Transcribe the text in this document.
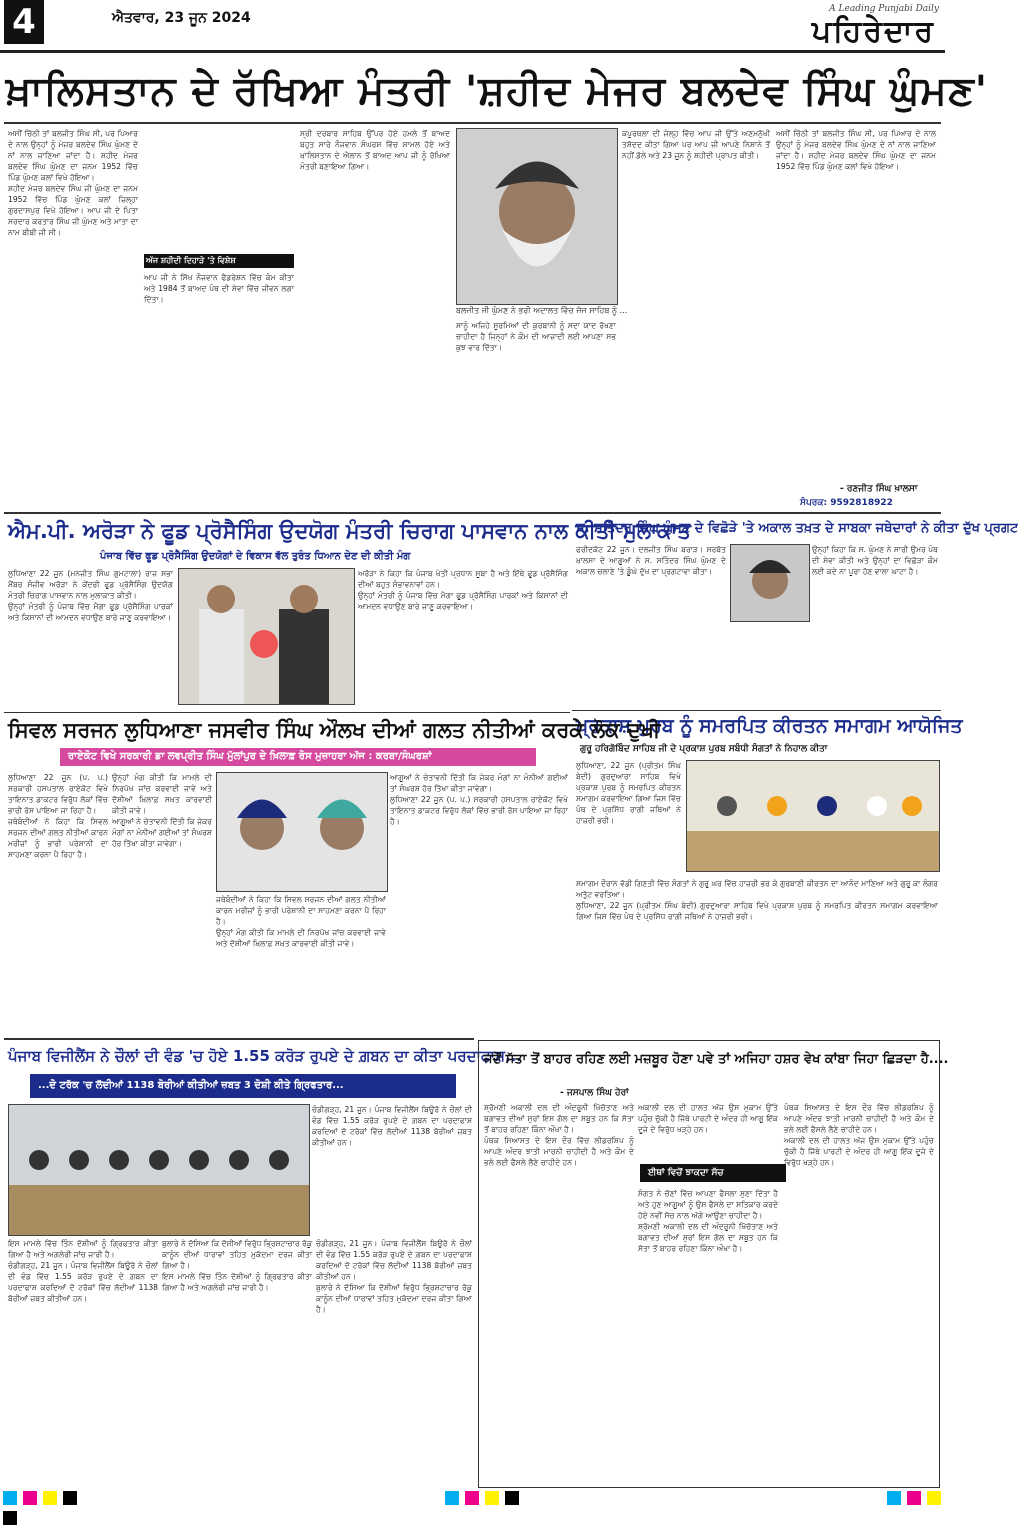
4	ਐਤਵਾਰ, 23 ਜੂਨ 2024
A Leading Punjabi Daily
ਪਹਿਰੇਦਾਰ
ਖ਼ਾਲਿਸਤਾਨ ਦੇ ਰੱਖਿਆ ਮੰਤਰੀ 'ਸ਼ਹੀਦ ਮੇਜਰ ਬਲਦੇਵ ਸਿੰਘ ਘੁੰਮਣ'

ਅਸੀਂ ਚਿੱਠੀ ਤਾਂ ਬਲਜੀਤ ਸਿੰਘ ਸੀ, ਪਰ ਪਿਆਰ ਦੇ ਨਾਲ ਉਨ੍ਹਾਂ ਨੂੰ ਮੇਜਰ ਬਲਦੇਵ ਸਿੰਘ ਘੁੰਮਣ ਦੇ ਨਾਂ ਨਾਲ ਜਾਣਿਆ ਜਾਂਦਾ ਹੈ। ਸ਼ਹੀਦ ਮੇਜਰ ਬਲਦੇਵ ਸਿੰਘ ਘੁੰਮਣ ਦਾ ਜਨਮ 1952 ਵਿੱਚ ਪਿੰਡ ਘੁੰਮਣ ਕਲਾਂ ਵਿਖੇ ਹੋਇਆ।

ਸ਼ਹੀਦ ਮੇਜਰ ਬਲਦੇਵ ਸਿੰਘ ਜੀ ਘੁੰਮਣ ਦਾ ਜਨਮ 1952 ਵਿੱਚ ਪਿੰਡ ਘੁੰਮਣ ਕਲਾਂ ਜ਼ਿਲ੍ਹਾ ਗੁਰਦਾਸਪੁਰ ਵਿਖੇ ਹੋਇਆ। ਆਪ ਜੀ ਦੇ ਪਿਤਾ ਸਰਦਾਰ ਕਰਤਾਰ ਸਿੰਘ ਜੀ ਘੁੰਮਣ ਅਤੇ ਮਾਤਾ ਦਾ ਨਾਮ ਬੀਬੀ ਜੀ ਸੀ।

ਅੱਜ ਸ਼ਹੀਦੀ ਦਿਹਾੜੇ 'ਤੇ ਵਿਸ਼ੇਸ਼

ਆਪ ਜੀ ਨੇ ਸਿੱਖ ਨੌਜਵਾਨ ਫੈਡਰੇਸ਼ਨ ਵਿੱਚ ਕੰਮ ਕੀਤਾ ਅਤੇ 1984 ਤੋਂ ਬਾਅਦ ਪੰਥ ਦੀ ਸੇਵਾ ਵਿੱਚ ਜੀਵਨ ਲਗਾ ਦਿੱਤਾ।

ਸ੍ਰੀ ਦਰਬਾਰ ਸਾਹਿਬ ਉੱਪਰ ਹੋਏ ਹਮਲੇ ਤੋਂ ਬਾਅਦ ਬਹੁਤ ਸਾਰੇ ਨੌਜਵਾਨ ਸੰਘਰਸ਼ ਵਿੱਚ ਸ਼ਾਮਲ ਹੋਏ ਅਤੇ ਖ਼ਾਲਿਸਤਾਨ ਦੇ ਐਲਾਨ ਤੋਂ ਬਾਅਦ ਆਪ ਜੀ ਨੂੰ ਰੱਖਿਆ ਮੰਤਰੀ ਬਣਾਇਆ ਗਿਆ।

ਬਲਜੀਤ ਜੀ ਘੁੰਮਣ ਨੇ ਭਰੀ ਅਦਾਲਤ ਵਿੱਚ ਜੱਜ ਸਾਹਿਬ ਨੂੰ ...

ਸਾਨੂੰ ਅਜਿਹੇ ਸੂਰਮਿਆਂ ਦੀ ਕੁਰਬਾਨੀ ਨੂੰ ਸਦਾ ਯਾਦ ਰੱਖਣਾ ਚਾਹੀਦਾ ਹੈ ਜਿਨ੍ਹਾਂ ਨੇ ਕੌਮ ਦੀ ਆਜ਼ਾਦੀ ਲਈ ਆਪਣਾ ਸਭ ਕੁਝ ਵਾਰ ਦਿੱਤਾ।

ਕਪੂਰਥਲਾ ਦੀ ਜੇਲ੍ਹ ਵਿੱਚ ਆਪ ਜੀ ਉੱਤੇ ਅਣਮਨੁੱਖੀ ਤਸ਼ੱਦਦ ਕੀਤਾ ਗਿਆ ਪਰ ਆਪ ਜੀ ਆਪਣੇ ਨਿਸ਼ਾਨੇ ਤੋਂ ਨਹੀਂ ਡੋਲੇ ਅਤੇ 23 ਜੂਨ ਨੂੰ ਸ਼ਹੀਦੀ ਪ੍ਰਾਪਤ ਕੀਤੀ।

ਅਸੀਂ ਚਿੱਠੀ ਤਾਂ ਬਲਜੀਤ ਸਿੰਘ ਸੀ, ਪਰ ਪਿਆਰ ਦੇ ਨਾਲ ਉਨ੍ਹਾਂ ਨੂੰ ਮੇਜਰ ਬਲਦੇਵ ਸਿੰਘ ਘੁੰਮਣ ਦੇ ਨਾਂ ਨਾਲ ਜਾਣਿਆ ਜਾਂਦਾ ਹੈ। ਸ਼ਹੀਦ ਮੇਜਰ ਬਲਦੇਵ ਸਿੰਘ ਘੁੰਮਣ ਦਾ ਜਨਮ 1952 ਵਿੱਚ ਪਿੰਡ ਘੁੰਮਣ ਕਲਾਂ ਵਿਖੇ ਹੋਇਆ।

- ਰਣਜੀਤ ਸਿੰਘ ਖ਼ਾਲਸਾ
ਸੰਪਰਕ: 9592818922
ਐਮ.ਪੀ. ਅਰੋੜਾ ਨੇ ਫੂਡ ਪ੍ਰੋਸੈਸਿੰਗ ਉਦਯੋਗ ਮੰਤਰੀ ਚਿਰਾਗ ਪਾਸਵਾਨ ਨਾਲ ਕੀਤੀ ਮੁਲਾਕਾਤ
ਪੰਜਾਬ ਵਿੱਚ ਫੂਡ ਪ੍ਰੋਸੈਸਿੰਗ ਉਦਯੋਗਾਂ ਦੇ ਵਿਕਾਸ ਵੱਲ ਤੁਰੰਤ ਧਿਆਨ ਦੇਣ ਦੀ ਕੀਤੀ ਮੰਗ

ਲੁਧਿਆਣਾ 22 ਜੂਨ (ਮਨਜੀਤ ਸਿੰਘ ਗੁਮਟਾਲਾ) ਰਾਜ ਸਭਾ ਮੈਂਬਰ ਸੰਜੀਵ ਅਰੋੜਾ ਨੇ ਕੇਂਦਰੀ ਫੂਡ ਪ੍ਰੋਸੈਸਿੰਗ ਉਦਯੋਗ ਮੰਤਰੀ ਚਿਰਾਗ ਪਾਸਵਾਨ ਨਾਲ ਮੁਲਾਕਾਤ ਕੀਤੀ।

ਉਨ੍ਹਾਂ ਮੰਤਰੀ ਨੂੰ ਪੰਜਾਬ ਵਿੱਚ ਮੈਗਾ ਫੂਡ ਪ੍ਰੋਸੈਸਿੰਗ ਪਾਰਕਾਂ ਅਤੇ ਕਿਸਾਨਾਂ ਦੀ ਆਮਦਨ ਵਧਾਉਣ ਬਾਰੇ ਜਾਣੂ ਕਰਵਾਇਆ।

ਅਰੋੜਾ ਨੇ ਕਿਹਾ ਕਿ ਪੰਜਾਬ ਖੇਤੀ ਪ੍ਰਧਾਨ ਸੂਬਾ ਹੈ ਅਤੇ ਇੱਥੇ ਫੂਡ ਪ੍ਰੋਸੈਸਿੰਗ ਦੀਆਂ ਬਹੁਤ ਸੰਭਾਵਨਾਵਾਂ ਹਨ।

ਉਨ੍ਹਾਂ ਮੰਤਰੀ ਨੂੰ ਪੰਜਾਬ ਵਿੱਚ ਮੈਗਾ ਫੂਡ ਪ੍ਰੋਸੈਸਿੰਗ ਪਾਰਕਾਂ ਅਤੇ ਕਿਸਾਨਾਂ ਦੀ ਆਮਦਨ ਵਧਾਉਣ ਬਾਰੇ ਜਾਣੂ ਕਰਵਾਇਆ।

ਸ. ਸਤਿੰਦਰ ਸਿੰਘ ਘੁੰਮਣ ਦੇ ਵਿਛੋੜੇ 'ਤੇ ਅਕਾਲ ਤਖ਼ਤ ਦੇ ਸਾਬਕਾ ਜਥੇਦਾਰਾਂ ਨੇ ਕੀਤਾ ਦੁੱਖ ਪ੍ਰਗਟ

ਫਰੀਦਕੋਟ 22 ਜੂਨ। ਦਲਜੀਤ ਸਿੰਘ ਬਰਾੜ। ਸਰਬੱਤ ਖ਼ਾਲਸਾ ਦੇ ਆਗੂਆਂ ਨੇ ਸ. ਸਤਿੰਦਰ ਸਿੰਘ ਘੁੰਮਣ ਦੇ ਅਕਾਲ ਚਲਾਣੇ 'ਤੇ ਡੂੰਘੇ ਦੁੱਖ ਦਾ ਪ੍ਰਗਟਾਵਾ ਕੀਤਾ।

ਉਨ੍ਹਾਂ ਕਿਹਾ ਕਿ ਸ. ਘੁੰਮਣ ਨੇ ਸਾਰੀ ਉਮਰ ਪੰਥ ਦੀ ਸੇਵਾ ਕੀਤੀ ਅਤੇ ਉਨ੍ਹਾਂ ਦਾ ਵਿਛੋੜਾ ਕੌਮ ਲਈ ਕਦੇ ਨਾ ਪੂਰਾ ਹੋਣ ਵਾਲਾ ਘਾਟਾ ਹੈ।

ਪ੍ਰਕਾਸ਼ ਪੁਰਬ ਨੂੰ ਸਮਰਪਿਤ ਕੀਰਤਨ ਸਮਾਗਮ ਆਯੋਜਿਤ
ਗੁਰੂ ਹਰਿਗੋਬਿੰਦ ਸਾਹਿਬ ਜੀ ਦੇ ਪ੍ਰਕਾਸ਼ ਪੁਰਬ ਸਬੰਧੀ ਸੰਗਤਾਂ ਨੇ ਨਿਹਾਲ ਕੀਤਾ

ਲੁਧਿਆਣਾ, 22 ਜੂਨ (ਪ੍ਰੀਤਮ ਸਿੰਘ ਬੇਦੀ) ਗੁਰਦੁਆਰਾ ਸਾਹਿਬ ਵਿਖੇ ਪ੍ਰਕਾਸ਼ ਪੁਰਬ ਨੂੰ ਸਮਰਪਿਤ ਕੀਰਤਨ ਸਮਾਗਮ ਕਰਵਾਇਆ ਗਿਆ ਜਿਸ ਵਿੱਚ ਪੰਥ ਦੇ ਪ੍ਰਸਿੱਧ ਰਾਗੀ ਜਥਿਆਂ ਨੇ ਹਾਜ਼ਰੀ ਭਰੀ।

ਸਮਾਗਮ ਦੌਰਾਨ ਵੱਡੀ ਗਿਣਤੀ ਵਿੱਚ ਸੰਗਤਾਂ ਨੇ ਗੁਰੂ ਘਰ ਵਿੱਚ ਹਾਜ਼ਰੀ ਭਰ ਕੇ ਗੁਰਬਾਣੀ ਕੀਰਤਨ ਦਾ ਆਨੰਦ ਮਾਣਿਆ ਅਤੇ ਗੁਰੂ ਕਾ ਲੰਗਰ ਅਤੁੱਟ ਵਰਤਿਆ।

ਲੁਧਿਆਣਾ, 22 ਜੂਨ (ਪ੍ਰੀਤਮ ਸਿੰਘ ਬੇਦੀ) ਗੁਰਦੁਆਰਾ ਸਾਹਿਬ ਵਿਖੇ ਪ੍ਰਕਾਸ਼ ਪੁਰਬ ਨੂੰ ਸਮਰਪਿਤ ਕੀਰਤਨ ਸਮਾਗਮ ਕਰਵਾਇਆ ਗਿਆ ਜਿਸ ਵਿੱਚ ਪੰਥ ਦੇ ਪ੍ਰਸਿੱਧ ਰਾਗੀ ਜਥਿਆਂ ਨੇ ਹਾਜ਼ਰੀ ਭਰੀ।

ਸਿਵਲ ਸਰਜਨ ਲੁਧਿਆਣਾ ਜਸਵੀਰ ਸਿੰਘ ਔਲਖ ਦੀਆਂ ਗਲਤ ਨੀਤੀਆਂ ਕਰਕੇ ਲੋਕ ਦੁਖੀ
ਰਾਏਕੋਟ ਵਿਖੇ ਸਰਕਾਰੀ ਡਾ ਲਵਪ੍ਰੀਤ ਸਿੰਘ ਮੁੱਲਾਂਪੁਰ ਦੇ ਖ਼ਿਲਾਫ਼ ਰੋਸ ਮੁਜ਼ਾਹਰਾ ਅੱਜ : ਕਰਬਾ/ਸੰਘਰਸ਼ਾਂ

ਲੁਧਿਆਣਾ 22 ਜੂਨ (ਪ. ਪ.) ਸਰਕਾਰੀ ਹਸਪਤਾਲ ਰਾਏਕੋਟ ਵਿਖੇ ਤਾਇਨਾਤ ਡਾਕਟਰ ਵਿਰੁੱਧ ਲੋਕਾਂ ਵਿੱਚ ਭਾਰੀ ਰੋਸ ਪਾਇਆ ਜਾ ਰਿਹਾ ਹੈ।

ਜਥੇਬੰਦੀਆਂ ਨੇ ਕਿਹਾ ਕਿ ਸਿਵਲ ਸਰਜਨ ਦੀਆਂ ਗਲਤ ਨੀਤੀਆਂ ਕਾਰਨ ਮਰੀਜ਼ਾਂ ਨੂੰ ਭਾਰੀ ਪਰੇਸ਼ਾਨੀ ਦਾ ਸਾਹਮਣਾ ਕਰਨਾ ਪੈ ਰਿਹਾ ਹੈ।

ਉਨ੍ਹਾਂ ਮੰਗ ਕੀਤੀ ਕਿ ਮਾਮਲੇ ਦੀ ਨਿਰਪੱਖ ਜਾਂਚ ਕਰਵਾਈ ਜਾਵੇ ਅਤੇ ਦੋਸ਼ੀਆਂ ਖ਼ਿਲਾਫ਼ ਸਖ਼ਤ ਕਾਰਵਾਈ ਕੀਤੀ ਜਾਵੇ।

ਆਗੂਆਂ ਨੇ ਚੇਤਾਵਨੀ ਦਿੱਤੀ ਕਿ ਜੇਕਰ ਮੰਗਾਂ ਨਾ ਮੰਨੀਆਂ ਗਈਆਂ ਤਾਂ ਸੰਘਰਸ਼ ਹੋਰ ਤਿੱਖਾ ਕੀਤਾ ਜਾਵੇਗਾ।

ਜਥੇਬੰਦੀਆਂ ਨੇ ਕਿਹਾ ਕਿ ਸਿਵਲ ਸਰਜਨ ਦੀਆਂ ਗਲਤ ਨੀਤੀਆਂ ਕਾਰਨ ਮਰੀਜ਼ਾਂ ਨੂੰ ਭਾਰੀ ਪਰੇਸ਼ਾਨੀ ਦਾ ਸਾਹਮਣਾ ਕਰਨਾ ਪੈ ਰਿਹਾ ਹੈ।

ਉਨ੍ਹਾਂ ਮੰਗ ਕੀਤੀ ਕਿ ਮਾਮਲੇ ਦੀ ਨਿਰਪੱਖ ਜਾਂਚ ਕਰਵਾਈ ਜਾਵੇ ਅਤੇ ਦੋਸ਼ੀਆਂ ਖ਼ਿਲਾਫ਼ ਸਖ਼ਤ ਕਾਰਵਾਈ ਕੀਤੀ ਜਾਵੇ।

ਆਗੂਆਂ ਨੇ ਚੇਤਾਵਨੀ ਦਿੱਤੀ ਕਿ ਜੇਕਰ ਮੰਗਾਂ ਨਾ ਮੰਨੀਆਂ ਗਈਆਂ ਤਾਂ ਸੰਘਰਸ਼ ਹੋਰ ਤਿੱਖਾ ਕੀਤਾ ਜਾਵੇਗਾ।

ਲੁਧਿਆਣਾ 22 ਜੂਨ (ਪ. ਪ.) ਸਰਕਾਰੀ ਹਸਪਤਾਲ ਰਾਏਕੋਟ ਵਿਖੇ ਤਾਇਨਾਤ ਡਾਕਟਰ ਵਿਰੁੱਧ ਲੋਕਾਂ ਵਿੱਚ ਭਾਰੀ ਰੋਸ ਪਾਇਆ ਜਾ ਰਿਹਾ ਹੈ।

ਪੰਜਾਬ ਵਿਜੀਲੈਂਸ ਨੇ ਚੌਲਾਂ ਦੀ ਵੰਡ 'ਚ ਹੋਏ 1.55 ਕਰੋੜ ਰੁਪਏ ਦੇ ਗ਼ਬਨ ਦਾ ਕੀਤਾ ਪਰਦਾਫਾਸ਼...
...ਦੋ ਟਰੱਕ 'ਚ ਲੱਦੀਆਂ 1138 ਬੋਰੀਆਂ ਕੀਤੀਆਂ ਜ਼ਬਤ 3 ਦੋਸ਼ੀ ਕੀਤੇ ਗ੍ਰਿਫਤਾਰ...

ਚੰਡੀਗੜ੍ਹ, 21 ਜੂਨ। ਪੰਜਾਬ ਵਿਜੀਲੈਂਸ ਬਿਊਰੋ ਨੇ ਚੌਲਾਂ ਦੀ ਵੰਡ ਵਿੱਚ 1.55 ਕਰੋੜ ਰੁਪਏ ਦੇ ਗ਼ਬਨ ਦਾ ਪਰਦਾਫਾਸ਼ ਕਰਦਿਆਂ ਦੋ ਟਰੱਕਾਂ ਵਿੱਚ ਲੱਦੀਆਂ 1138 ਬੋਰੀਆਂ ਜ਼ਬਤ ਕੀਤੀਆਂ ਹਨ।

ਇਸ ਮਾਮਲੇ ਵਿੱਚ ਤਿੰਨ ਦੋਸ਼ੀਆਂ ਨੂੰ ਗ੍ਰਿਫਤਾਰ ਕੀਤਾ ਗਿਆ ਹੈ ਅਤੇ ਅਗਲੇਰੀ ਜਾਂਚ ਜਾਰੀ ਹੈ।

ਚੰਡੀਗੜ੍ਹ, 21 ਜੂਨ। ਪੰਜਾਬ ਵਿਜੀਲੈਂਸ ਬਿਊਰੋ ਨੇ ਚੌਲਾਂ ਦੀ ਵੰਡ ਵਿੱਚ 1.55 ਕਰੋੜ ਰੁਪਏ ਦੇ ਗ਼ਬਨ ਦਾ ਪਰਦਾਫਾਸ਼ ਕਰਦਿਆਂ ਦੋ ਟਰੱਕਾਂ ਵਿੱਚ ਲੱਦੀਆਂ 1138 ਬੋਰੀਆਂ ਜ਼ਬਤ ਕੀਤੀਆਂ ਹਨ।

ਬੁਲਾਰੇ ਨੇ ਦੱਸਿਆ ਕਿ ਦੋਸ਼ੀਆਂ ਵਿਰੁੱਧ ਭ੍ਰਿਸ਼ਟਾਚਾਰ ਰੋਕੂ ਕਾਨੂੰਨ ਦੀਆਂ ਧਾਰਾਵਾਂ ਤਹਿਤ ਮੁਕੱਦਮਾ ਦਰਜ ਕੀਤਾ ਗਿਆ ਹੈ।

ਇਸ ਮਾਮਲੇ ਵਿੱਚ ਤਿੰਨ ਦੋਸ਼ੀਆਂ ਨੂੰ ਗ੍ਰਿਫਤਾਰ ਕੀਤਾ ਗਿਆ ਹੈ ਅਤੇ ਅਗਲੇਰੀ ਜਾਂਚ ਜਾਰੀ ਹੈ।

ਚੰਡੀਗੜ੍ਹ, 21 ਜੂਨ। ਪੰਜਾਬ ਵਿਜੀਲੈਂਸ ਬਿਊਰੋ ਨੇ ਚੌਲਾਂ ਦੀ ਵੰਡ ਵਿੱਚ 1.55 ਕਰੋੜ ਰੁਪਏ ਦੇ ਗ਼ਬਨ ਦਾ ਪਰਦਾਫਾਸ਼ ਕਰਦਿਆਂ ਦੋ ਟਰੱਕਾਂ ਵਿੱਚ ਲੱਦੀਆਂ 1138 ਬੋਰੀਆਂ ਜ਼ਬਤ ਕੀਤੀਆਂ ਹਨ।

ਬੁਲਾਰੇ ਨੇ ਦੱਸਿਆ ਕਿ ਦੋਸ਼ੀਆਂ ਵਿਰੁੱਧ ਭ੍ਰਿਸ਼ਟਾਚਾਰ ਰੋਕੂ ਕਾਨੂੰਨ ਦੀਆਂ ਧਾਰਾਵਾਂ ਤਹਿਤ ਮੁਕੱਦਮਾ ਦਰਜ ਕੀਤਾ ਗਿਆ ਹੈ।

ਜਦੋਂ ਸੱਤਾ ਤੋਂ ਬਾਹਰ ਰਹਿਣ ਲਈ ਮਜ਼ਬੂਰ ਹੋਣਾ ਪਵੇ ਤਾਂ ਅਜਿਹਾ ਹਸ਼ਰ ਵੇਖ ਕਾਂਬਾ ਜਿਹਾ ਛਿੜਦਾ ਹੈ....
- ਜਸਪਾਲ ਸਿੰਘ ਹੇਰਾਂ

ਸ਼੍ਰੋਮਣੀ ਅਕਾਲੀ ਦਲ ਦੀ ਅੰਦਰੂਨੀ ਖਿੱਚੋਤਾਣ ਅਤੇ ਬਗਾਵਤ ਦੀਆਂ ਸੁਰਾਂ ਇਸ ਗੱਲ ਦਾ ਸਬੂਤ ਹਨ ਕਿ ਸੱਤਾ ਤੋਂ ਬਾਹਰ ਰਹਿਣਾ ਕਿੰਨਾ ਔਖਾ ਹੈ।

ਪੰਥਕ ਸਿਆਸਤ ਦੇ ਇਸ ਦੌਰ ਵਿੱਚ ਲੀਡਰਸ਼ਿਪ ਨੂੰ ਆਪਣੇ ਅੰਦਰ ਝਾਤੀ ਮਾਰਨੀ ਚਾਹੀਦੀ ਹੈ ਅਤੇ ਕੌਮ ਦੇ ਭਲੇ ਲਈ ਫੈਸਲੇ ਲੈਣੇ ਚਾਹੀਦੇ ਹਨ।

ਈਥਾਂ ਵਿਚੋਂ ਝਾਕਦਾ ਸੱਚ

ਅਕਾਲੀ ਦਲ ਦੀ ਹਾਲਤ ਅੱਜ ਉਸ ਮੁਕਾਮ ਉੱਤੇ ਪਹੁੰਚ ਚੁੱਕੀ ਹੈ ਜਿੱਥੇ ਪਾਰਟੀ ਦੇ ਅੰਦਰ ਹੀ ਆਗੂ ਇੱਕ ਦੂਜੇ ਦੇ ਵਿਰੁੱਧ ਖੜ੍ਹੇ ਹਨ।

ਸੰਗਤ ਨੇ ਚੋਣਾਂ ਵਿੱਚ ਆਪਣਾ ਫੈਸਲਾ ਸੁਣਾ ਦਿੱਤਾ ਹੈ ਅਤੇ ਹੁਣ ਆਗੂਆਂ ਨੂੰ ਉਸ ਫੈਸਲੇ ਦਾ ਸਤਿਕਾਰ ਕਰਦੇ ਹੋਏ ਨਵੀਂ ਸੋਚ ਨਾਲ ਅੱਗੇ ਆਉਣਾ ਚਾਹੀਦਾ ਹੈ।

ਸ਼੍ਰੋਮਣੀ ਅਕਾਲੀ ਦਲ ਦੀ ਅੰਦਰੂਨੀ ਖਿੱਚੋਤਾਣ ਅਤੇ ਬਗਾਵਤ ਦੀਆਂ ਸੁਰਾਂ ਇਸ ਗੱਲ ਦਾ ਸਬੂਤ ਹਨ ਕਿ ਸੱਤਾ ਤੋਂ ਬਾਹਰ ਰਹਿਣਾ ਕਿੰਨਾ ਔਖਾ ਹੈ।

ਪੰਥਕ ਸਿਆਸਤ ਦੇ ਇਸ ਦੌਰ ਵਿੱਚ ਲੀਡਰਸ਼ਿਪ ਨੂੰ ਆਪਣੇ ਅੰਦਰ ਝਾਤੀ ਮਾਰਨੀ ਚਾਹੀਦੀ ਹੈ ਅਤੇ ਕੌਮ ਦੇ ਭਲੇ ਲਈ ਫੈਸਲੇ ਲੈਣੇ ਚਾਹੀਦੇ ਹਨ।

ਅਕਾਲੀ ਦਲ ਦੀ ਹਾਲਤ ਅੱਜ ਉਸ ਮੁਕਾਮ ਉੱਤੇ ਪਹੁੰਚ ਚੁੱਕੀ ਹੈ ਜਿੱਥੇ ਪਾਰਟੀ ਦੇ ਅੰਦਰ ਹੀ ਆਗੂ ਇੱਕ ਦੂਜੇ ਦੇ ਵਿਰੁੱਧ ਖੜ੍ਹੇ ਹਨ।
